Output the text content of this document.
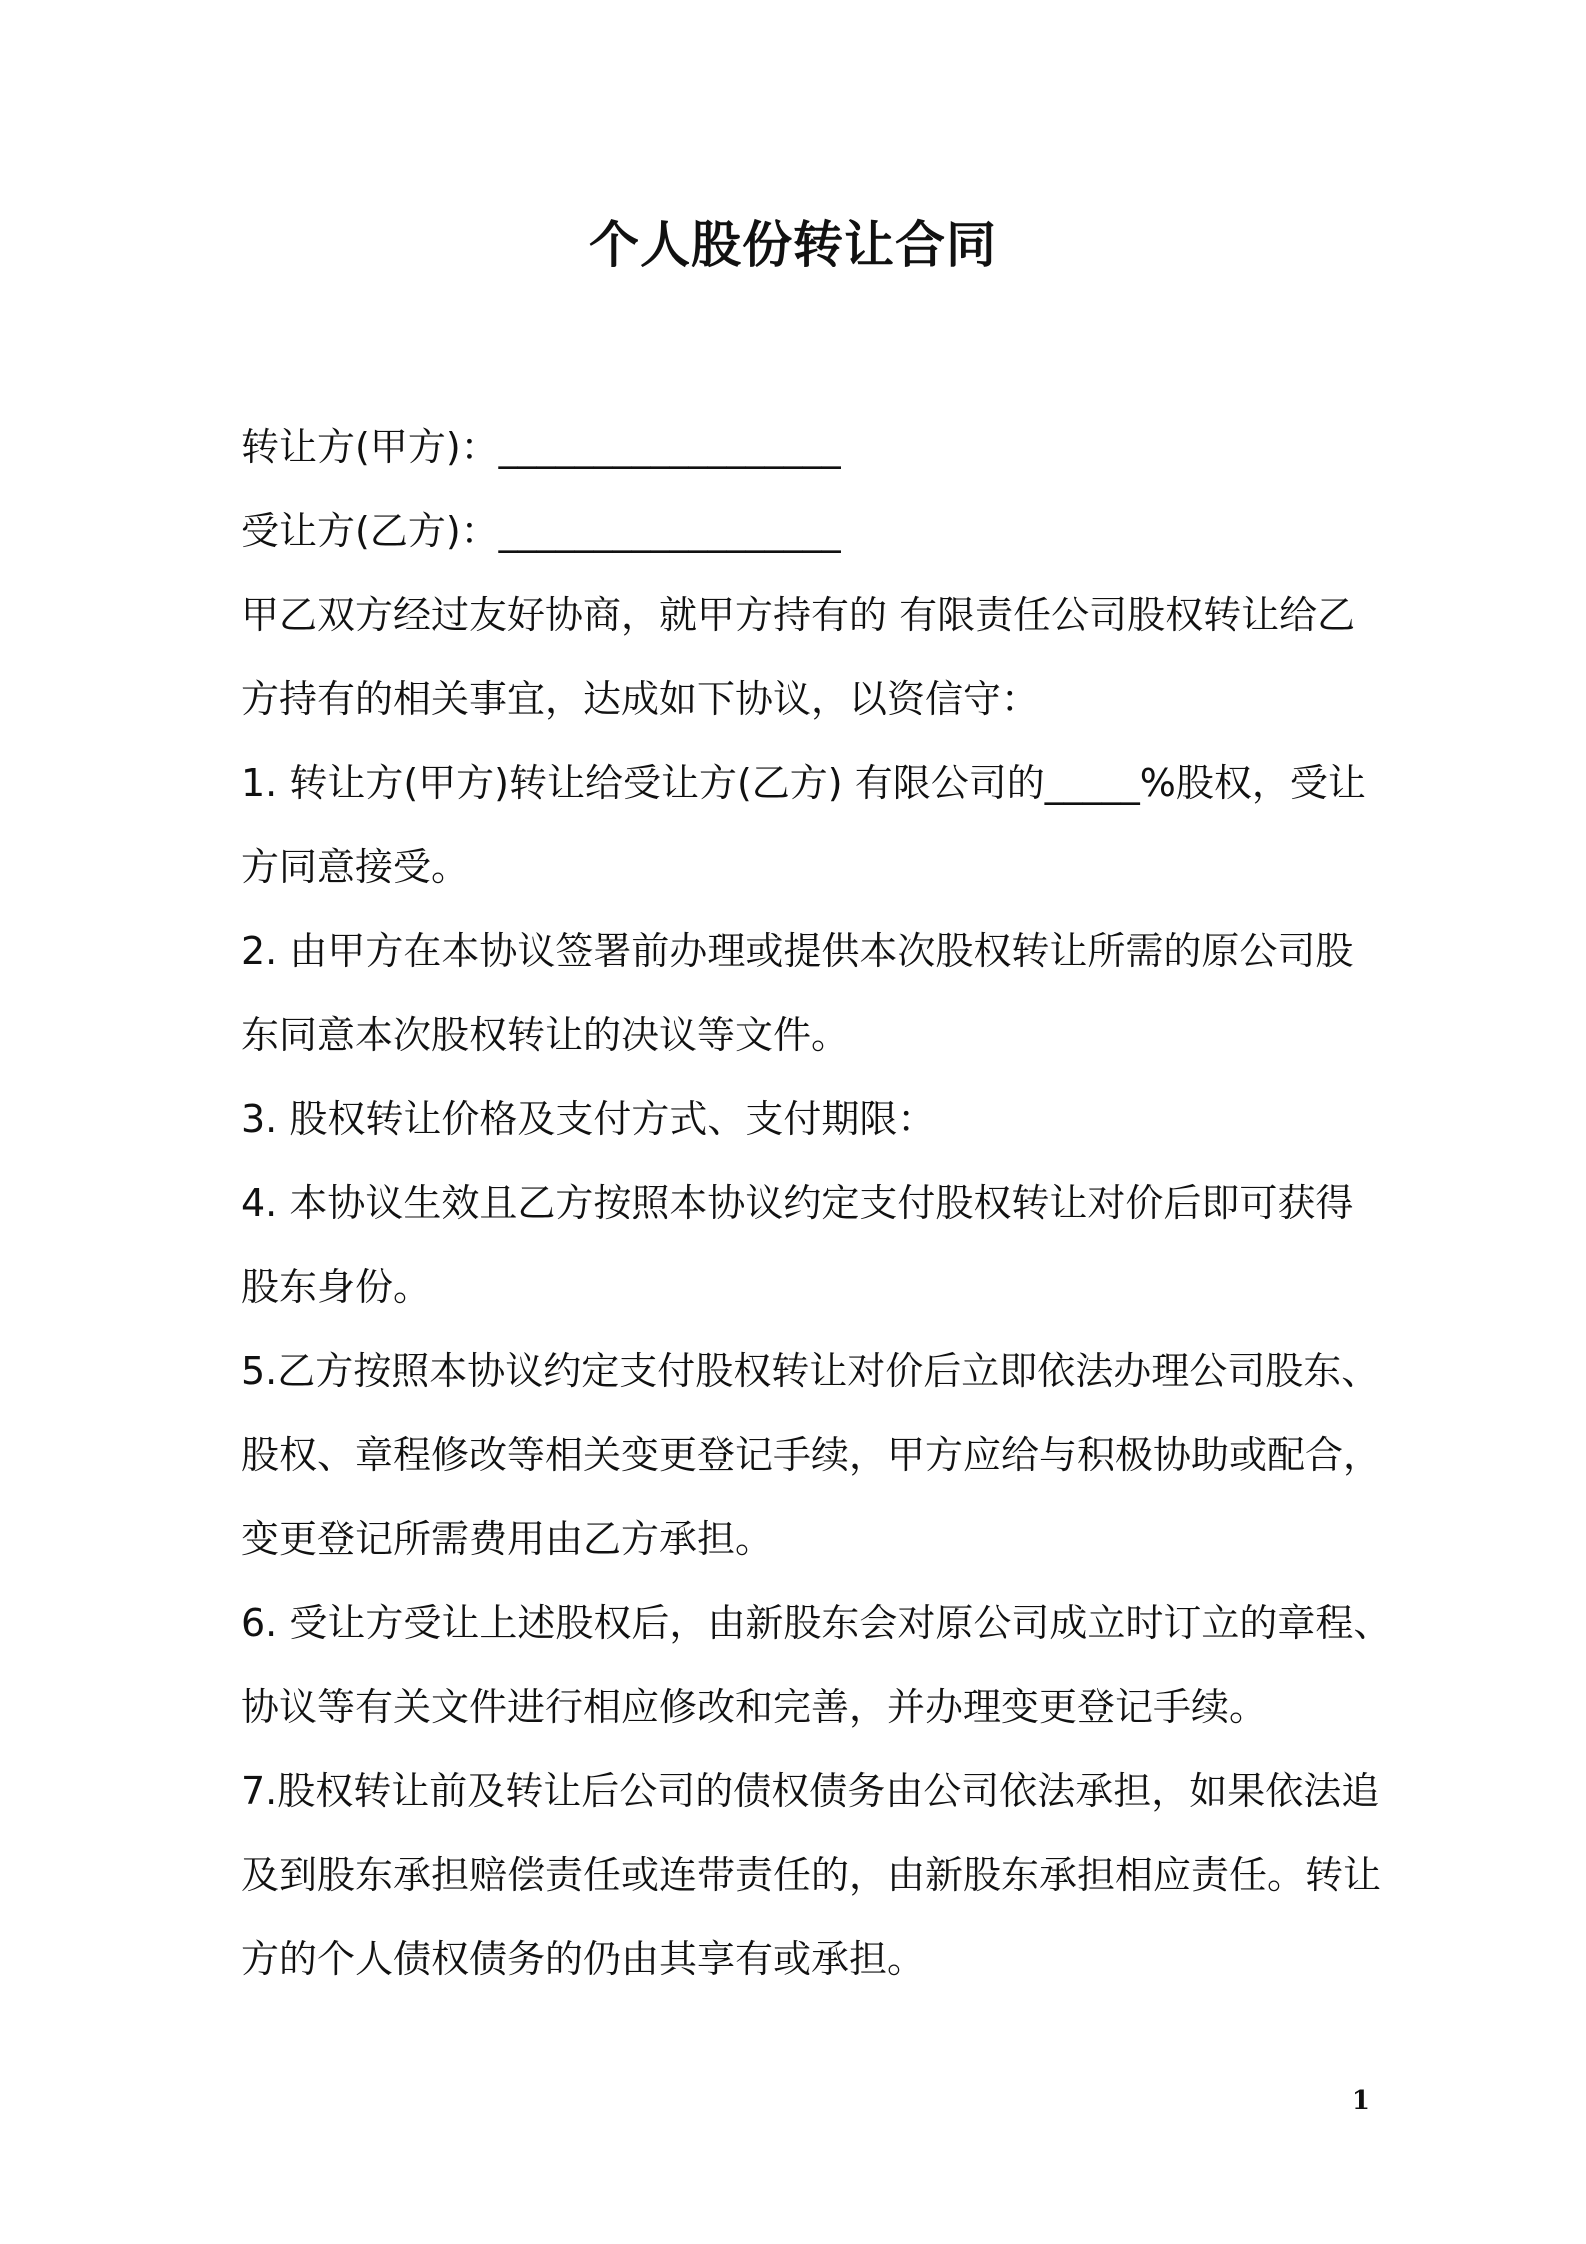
个人股份转让合同
转让方(甲方)：__________________
受让方(乙方)：__________________
甲乙双方经过友好协商，就甲方持有的 有限责任公司股权转让给乙
方持有的相关事宜，达成如下协议，以资信守：
1. 转让方(甲方)转让给受让方(乙方) 有限公司的_____%股权，受让
方同意接受。
2. 由甲方在本协议签署前办理或提供本次股权转让所需的原公司股
东同意本次股权转让的决议等文件。
3. 股权转让价格及支付方式、支付期限：
4. 本协议生效且乙方按照本协议约定支付股权转让对价后即可获得
股东身份。
5.乙方按照本协议约定支付股权转让对价后立即依法办理公司股东、
股权、章程修改等相关变更登记手续，甲方应给与积极协助或配合，
变更登记所需费用由乙方承担。
6. 受让方受让上述股权后，由新股东会对原公司成立时订立的章程、
协议等有关文件进行相应修改和完善，并办理变更登记手续。
7.股权转让前及转让后公司的债权债务由公司依法承担，如果依法追
及到股东承担赔偿责任或连带责任的，由新股东承担相应责任。转让
方的个人债权债务的仍由其享有或承担。
1
